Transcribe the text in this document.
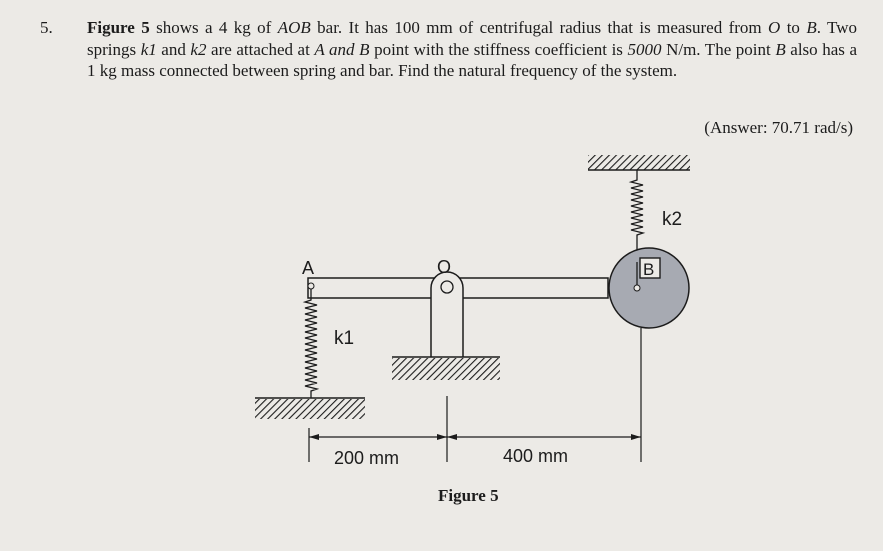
5. Figure 5 shows a 4 kg of AOB bar. It has 100 mm of centrifugal radius that is measured from O to B. Two springs k1 and k2 are attached at A and B point with the stiffness coefficient is 5000 N/m. The point B also has a 1 kg mass connected between spring and bar. Find the natural frequency of the system.
(Answer: 70.71 rad/s)
A	O	B
k1
k2
200 mm	400 mm
Figure 5
